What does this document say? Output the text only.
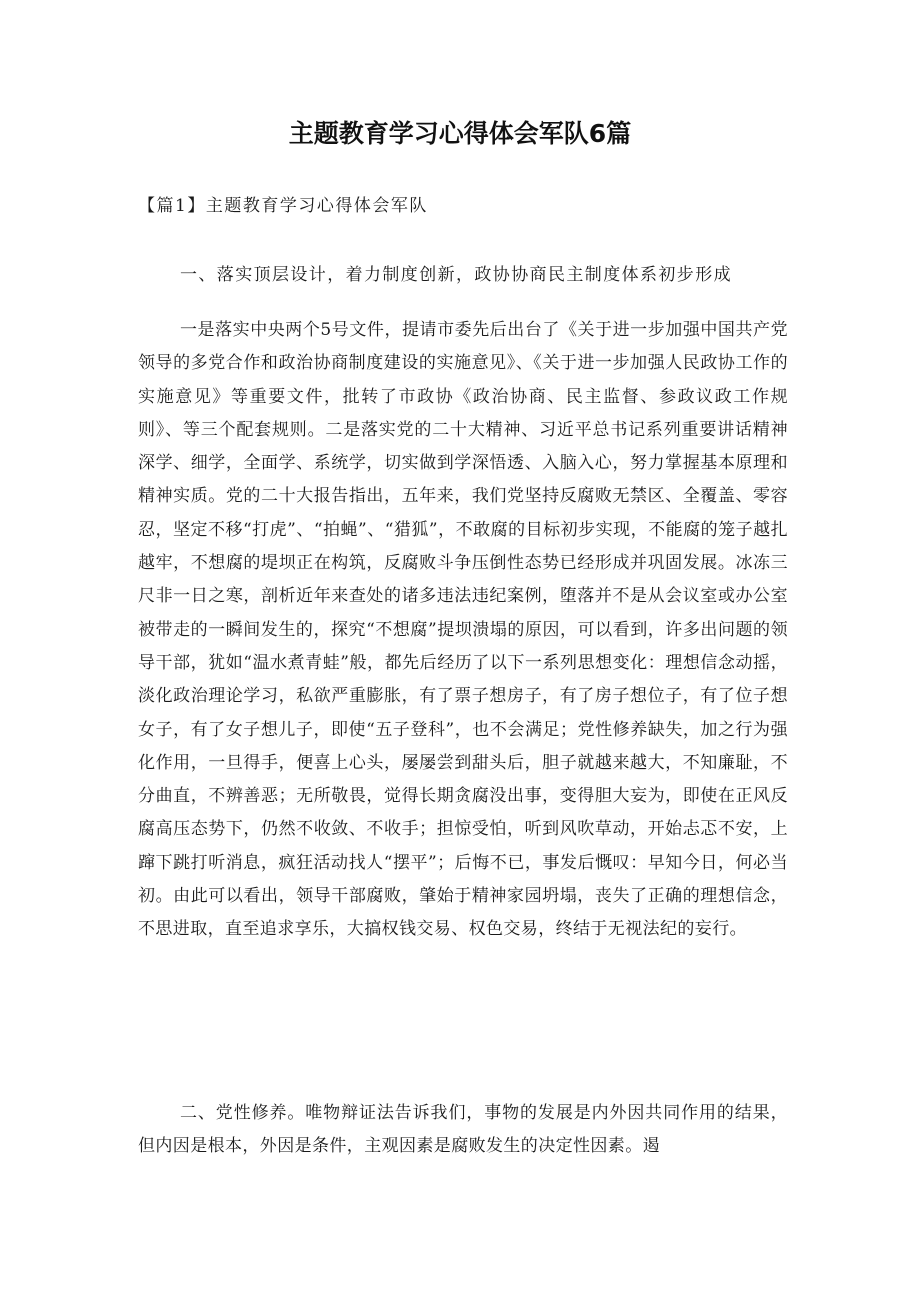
主题教育学习心得体会军队6篇

【篇1】主题教育学习心得体会军队

一、落实顶层设计，着力制度创新，政协协商民主制度体系初步形成

一是落实中央两个5号文件，提请市委先后出台了《关于进一步加强中国共产党领导的多党合作和政治协商制度建设的实施意见》、《关于进一步加强人民政协工作的实施意见》等重要文件，批转了市政协《政治协商、民主监督、参政议政工作规则》、等三个配套规则。二是落实党的二十大精神、习近平总书记系列重要讲话精神深学、细学，全面学、系统学，切实做到学深悟透、入脑入心，努力掌握基本原理和精神实质。党的二十大报告指出，五年来，我们党坚持反腐败无禁区、全覆盖、零容忍，坚定不移“打虎”、“拍蝇”、“猎狐”，不敢腐的目标初步实现，不能腐的笼子越扎越牢，不想腐的堤坝正在构筑，反腐败斗争压倒性态势已经形成并巩固发展。冰冻三尺非一日之寒，剖析近年来查处的诸多违法违纪案例，堕落并不是从会议室或办公室被带走的一瞬间发生的，探究“不想腐”提坝溃塌的原因，可以看到，许多出问题的领导干部，犹如“温水煮青蛙”般，都先后经历了以下一系列思想变化：理想信念动摇，淡化政治理论学习，私欲严重膨胀，有了票子想房子，有了房子想位子，有了位子想女子，有了女子想儿子，即使“五子登科”，也不会满足；党性修养缺失，加之行为强化作用，一旦得手，便喜上心头，屡屡尝到甜头后，胆子就越来越大，不知廉耻，不分曲直，不辨善恶；无所敬畏，觉得长期贪腐没出事，变得胆大妄为，即使在正风反腐高压态势下，仍然不收敛、不收手；担惊受怕，听到风吹草动，开始忐忑不安，上蹿下跳打听消息，疯狂活动找人“摆平”；后悔不已，事发后慨叹：早知今日，何必当初。由此可以看出，领导干部腐败，肇始于精神家园坍塌，丧失了正确的理想信念，不思进取，直至追求享乐，大搞权钱交易、权色交易，终结于无视法纪的妄行。

二、党性修养。唯物辩证法告诉我们，事物的发展是内外因共同作用的结果，但内因是根本，外因是条件，主观因素是腐败发生的决定性因素。遏
